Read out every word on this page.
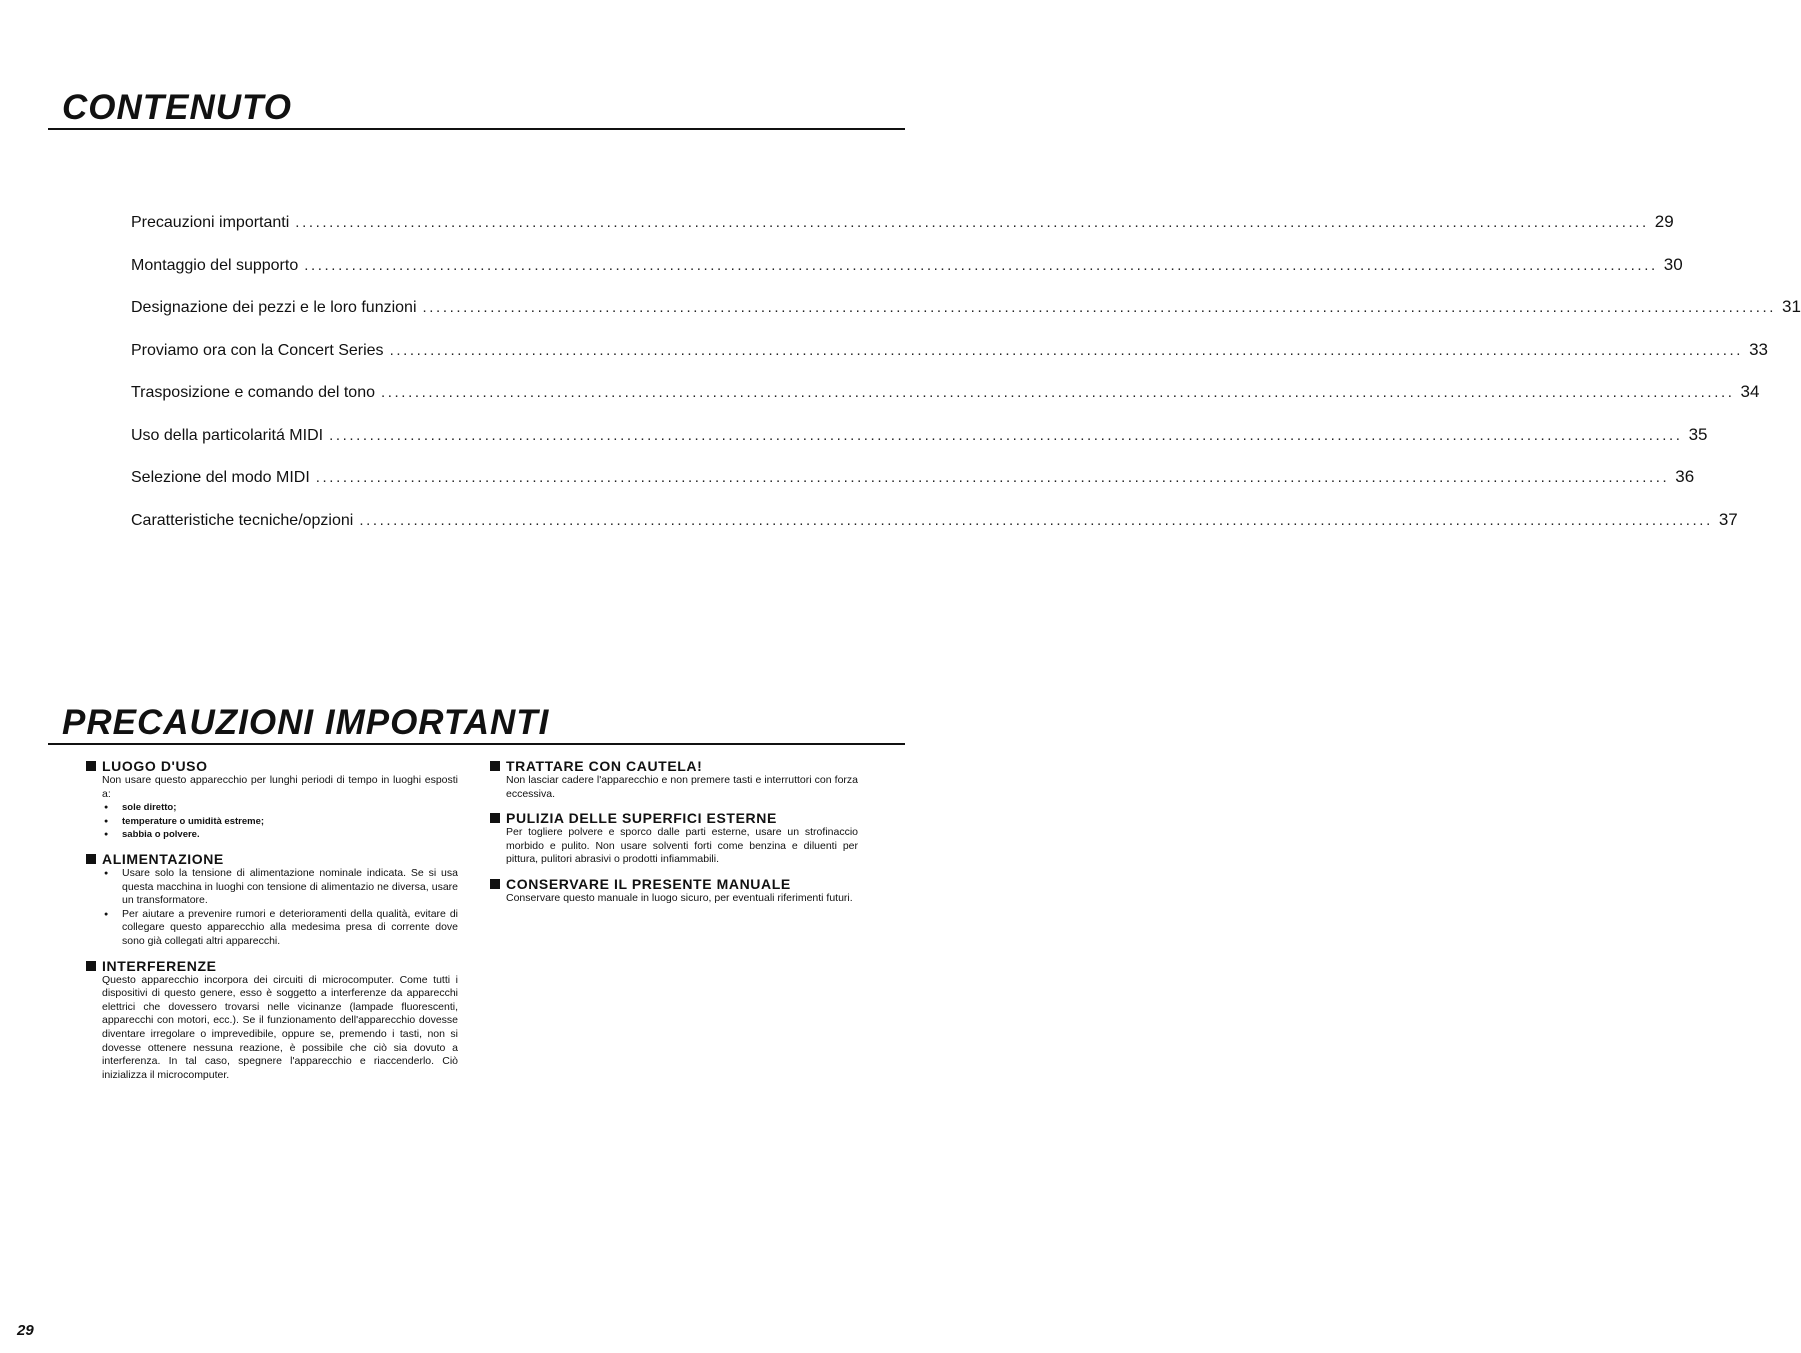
CONTENUTO
Precauzioni importanti ........................................................................................................................................................................................................ 29
Montaggio del supporto ........................................................................................................................................................................................................ 30
Designazione dei pezzi e le loro funzioni ........................................................................................................................................................................................................ 31
Proviamo ora con la Concert Series ........................................................................................................................................................................................................ 33
Trasposizione e comando del tono ........................................................................................................................................................................................................ 34
Uso della particolaritá MIDI ........................................................................................................................................................................................................ 35
Selezione del modo MIDI ........................................................................................................................................................................................................ 36
Caratteristiche tecniche/opzioni ........................................................................................................................................................................................................ 37
PRECAUZIONI IMPORTANTI
LUOGO D'USO

Non usare questo apparecchio per lunghi periodi di tempo in luoghi esposti a:

● sole diretto;
● temperature o umidità estreme;
● sabbia o polvere.
ALIMENTAZIONE
● Usare solo la tensione di alimentazione nominale indicata. Se si usa questa macchina in luoghi con tensione di alimentazio ne diversa, usare un transformatore.
● Per aiutare a prevenire rumori e deterioramenti della qualità, evitare di collegare questo apparecchio alla medesima presa di corrente dove sono già collegati altri apparecchi.
INTERFERENZE

Questo apparecchio incorpora dei circuiti di microcomputer. Come tutti i dispositivi di questo genere, esso è soggetto a interferenze da apparecchi elettrici che dovessero trovarsi nelle vicinanze (lampade fluorescenti, apparecchi con motori, ecc.). Se il funzionamento dell'apparecchio dovesse diventare irregolare o imprevedibile, oppure se, premendo i tasti, non si dovesse ottenere nessuna reazione, è possibile che ciò sia dovuto a interferenza. In tal caso, spegnere l'apparecchio e riaccenderlo. Ciò inizializza il microcomputer.

TRATTARE CON CAUTELA!

Non lasciar cadere l'apparecchio e non premere tasti e interruttori con forza eccessiva.

PULIZIA DELLE SUPERFICI ESTERNE

Per togliere polvere e sporco dalle parti esterne, usare un strofinaccio morbido e pulito. Non usare solventi forti come benzina e diluenti per pittura, pulitori abrasivi o prodotti infiammabili.

CONSERVARE IL PRESENTE MANUALE

Conservare questo manuale in luogo sicuro, per eventuali riferimenti futuri.

29
